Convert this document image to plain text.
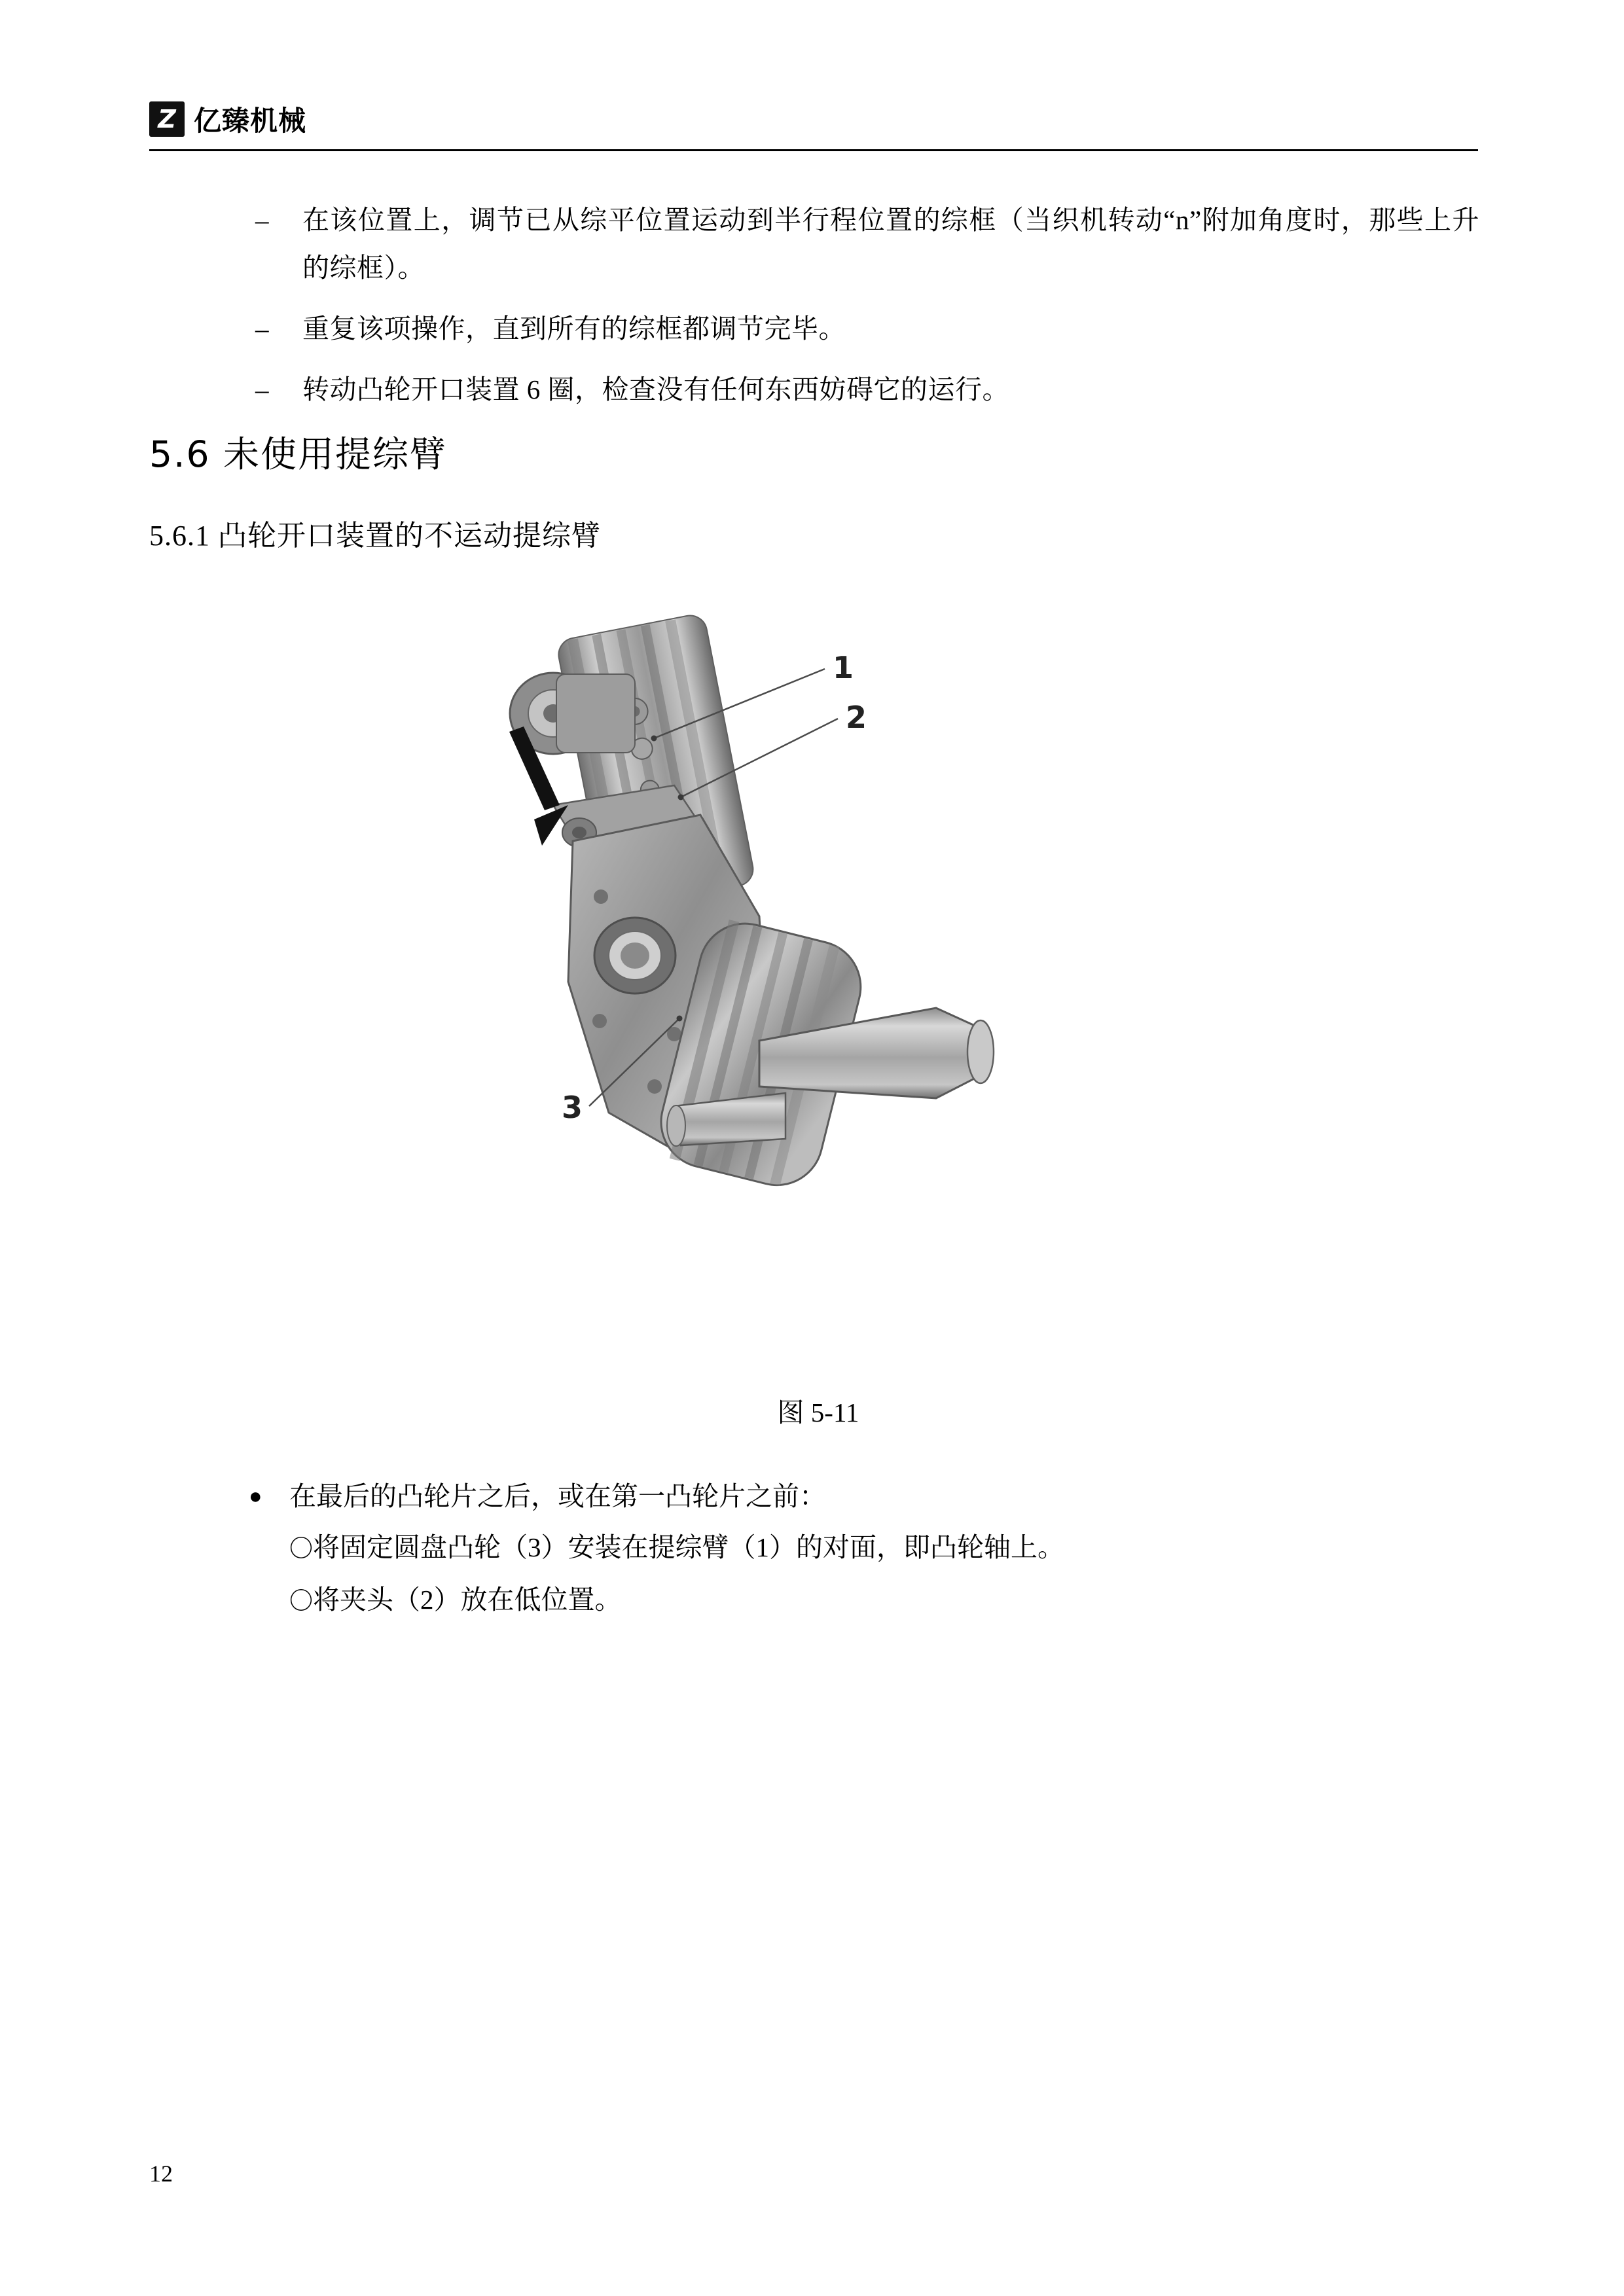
Z 亿臻机械
–	在该位置上，调节已从综平位置运动到半行程位置的综框（当织机转动“n”附加角度时，那些上升的综框）。
–	重复该项操作，直到所有的综框都调节完毕。
–	转动凸轮开口装置 6 圈，检查没有任何东西妨碍它的运行。
5.6 未使用提综臂
5.6.1 凸轮开口装置的不运动提综臂
1
2
3
图 5-11
●	在最后的凸轮片之后，或在第一凸轮片之前：
〇将固定圆盘凸轮（3）安装在提综臂（1）的对面，即凸轮轴上。
〇将夹头（2）放在低位置。
12
